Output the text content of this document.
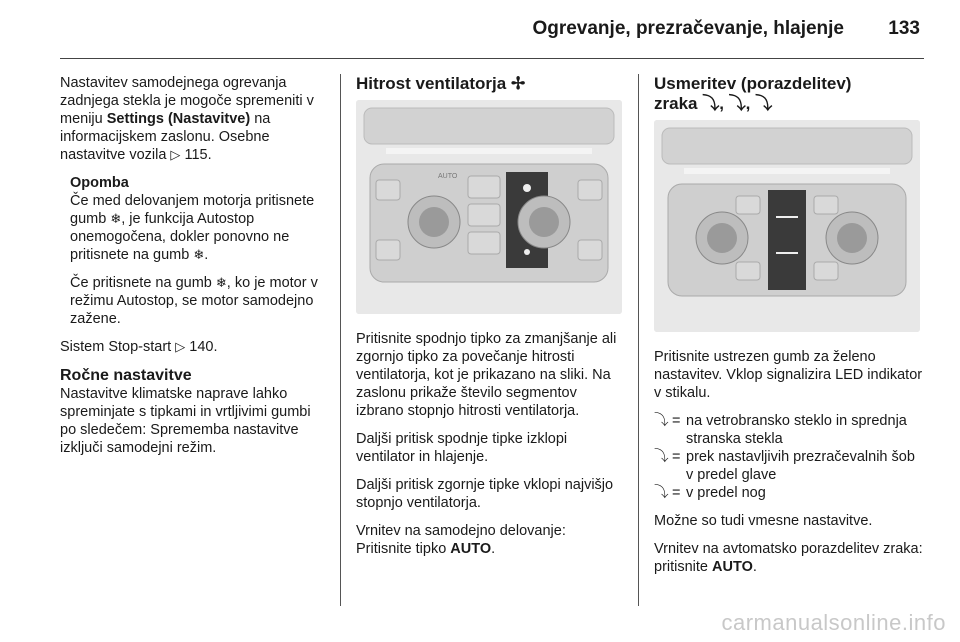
Ogrevanje, prezračevanje, hlajenje 133

Nastavitev samodejnega ogrevanja zadnjega stekla je mogoče spremeniti v meniju Settings (Nastavitve) na informacijskem zaslonu. Osebne nastavitve vozila ▷ 115.

Opomba

Če med delovanjem motorja pritisnete gumb ❄, je funkcija Autostop onemogočena, dokler ponovno ne pritisnete na gumb ❄.

Če pritisnete na gumb ❄, ko je motor v režimu Autostop, se motor samodejno zažene.

Sistem Stop-start ▷ 140.

Ročne nastavitve

Nastavitve klimatske naprave lahko spreminjate s tipkami in vrtljivimi gumbi po sledečem: Sprememba nastavitve izključi samodejni režim.

Hitrost ventilatorja ✢
AUTO

Pritisnite spodnjo tipko za zmanjšanje ali zgornjo tipko za povečanje hitrosti ventilatorja, kot je prikazano na sliki. Na zaslonu prikaže število segmentov izbrano stopnjo hitrosti ventilatorja.

Daljši pritisk spodnje tipke izklopi ventilator in hlajenje.

Daljši pritisk zgornje tipke vklopi najvišjo stopnjo ventilatorja.

Vrnitev na samodejno delovanje: Pritisnite tipko AUTO.

Usmeritev (porazdelitev)
zraka ⤵, ⤵, ⤵

Pritisnite ustrezen gumb za želeno nastavitev. Vklop signalizira LED indikator v stikalu.

⤵ = na vetrobransko steklo in sprednja stranska stekla
⤵ = prek nastavljivih prezračevalnih šob v predel glave
⤵ = v predel nog

Možne so tudi vmesne nastavitve.

Vrnitev na avtomatsko porazdelitev zraka: pritisnite AUTO.

carmanualsonline.info
